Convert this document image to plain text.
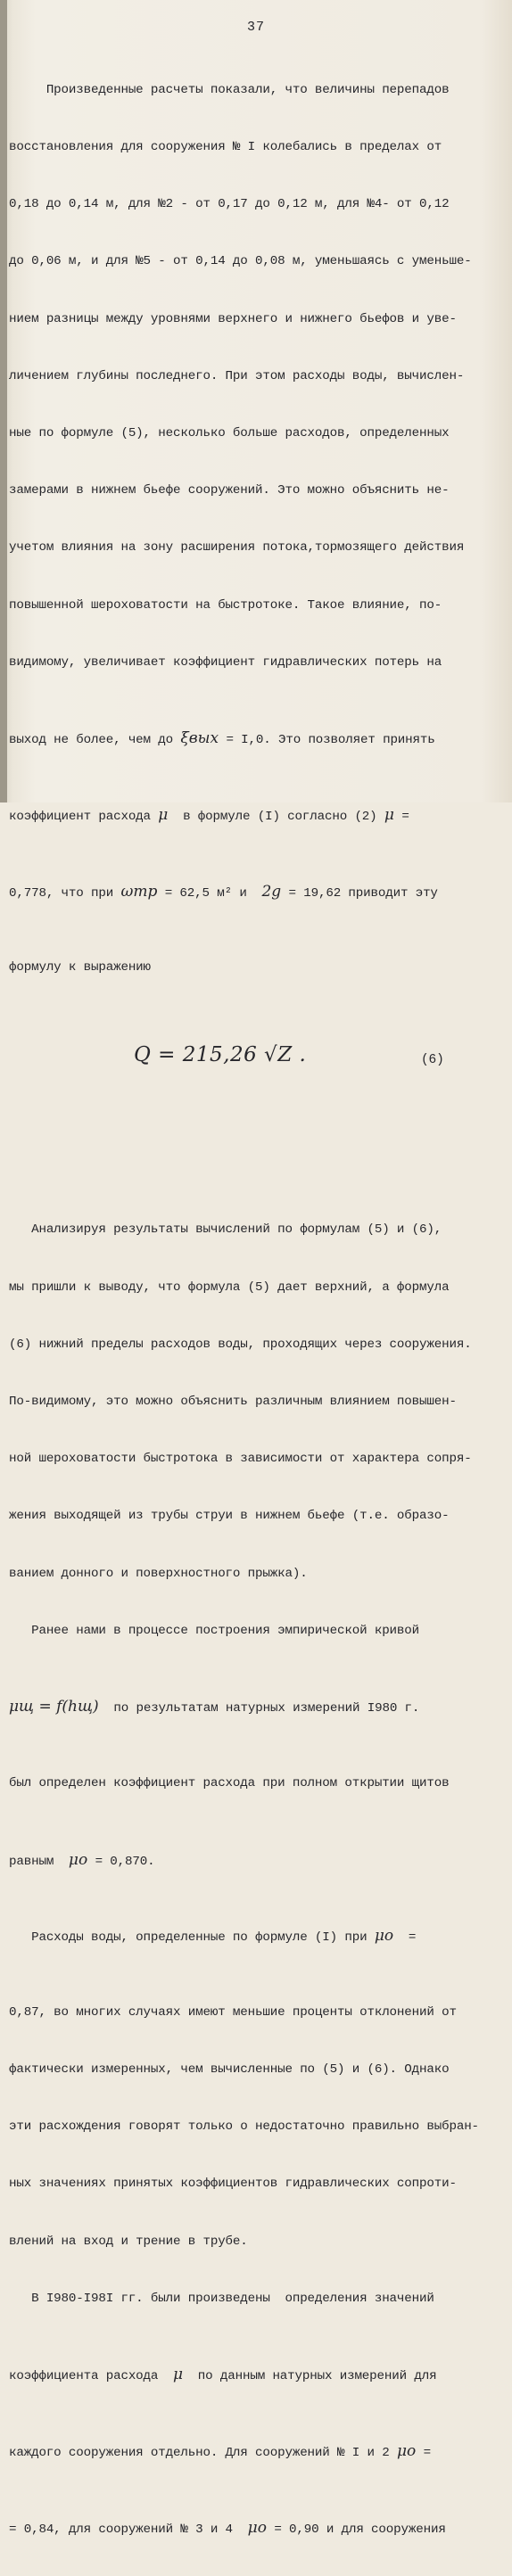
37

Произведенные расчеты показали, что величины перепадов

восстановления для сооружения № I колебались в пределах от

0,18 до 0,14 м, для №2 - от 0,17 до 0,12 м, для №4- от 0,12

до 0,06 м, и для №5 - от 0,14 до 0,08 м, уменьшаясь с уменьше-

нием разницы между уровнями верхнего и нижнего бьефов и уве-

личением глубины последнего. При этом расходы воды, вычислен-

ные по формуле (5), несколько больше расходов, определенных

замерами в нижнем бьефе сооружений. Это можно объяснить не-

учетом влияния на зону расширения потока,тормозящего действия

повышенной шероховатости на быстротоке. Такое влияние, по-

видимому, увеличивает коэффициент гидравлических потерь на

выход не более, чем до ξвых = I,0. Это позволяет принять

коэффициент расхода μ  в формуле (I) согласно (2) μ =

0,778, что при ωтр = 62,5 м² и  2g = 19,62 приводит эту

формулу к выражению

Q = 215,26 √Z .

	(6)

Анализируя результаты вычислений по формулам (5) и (6),

мы пришли к выводу, что формула (5) дает верхний, а формула

(6) нижний пределы расходов воды, проходящих через сооружения.

По-видимому, это можно объяснить различным влиянием повышен-

ной шероховатости быстротока в зависимости от характера сопря-

жения выходящей из трубы струи в нижнем бьефе (т.е. образо-

ванием донного и поверхностного прыжка).

Ранее нами в процессе построения эмпирической кривой

μщ = f(hщ)  по результатам натурных измерений I980 г.

был определен коэффициент расхода при полном открытии щитов

равным  μо = 0,870.

Расходы воды, определенные по формуле (I) при μо  =

0,87, во многих случаях имеют меньшие проценты отклонений от

фактически измеренных, чем вычисленные по (5) и (6). Однако

эти расхождения говорят только о недостаточно правильно выбран-

ных значениях принятых коэффициентов гидравлических сопроти-

влений на вход и трение в трубе.

В I980-I98I гг. были произведены  определения значений

коэффициента расхода  μ  по данным натурных измерений для

каждого сооружения отдельно. Для сооружений № I и 2 μо =

= 0,84, для сооружений № 3 и 4  μо = 0,90 и для сооружения
